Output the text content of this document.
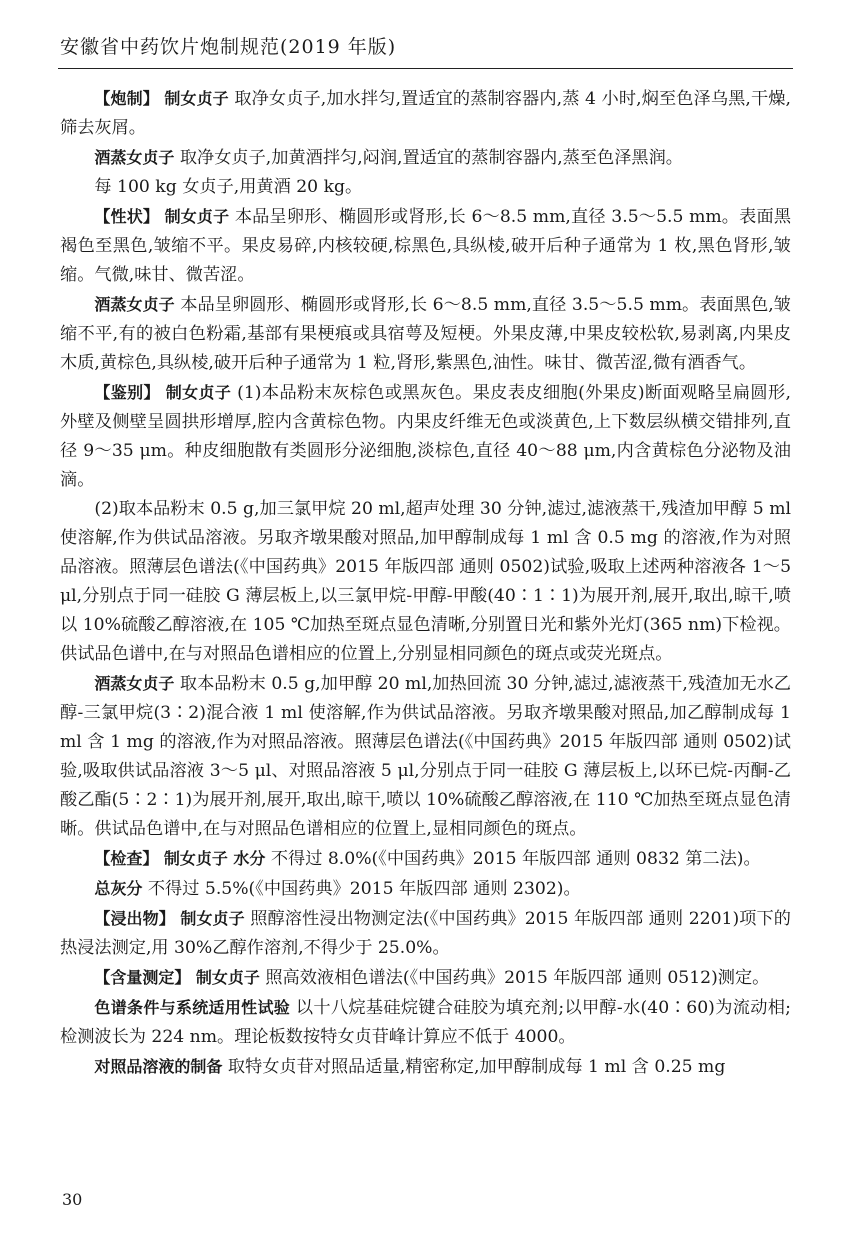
安徽省中药饮片炮制规范(2019 年版)

【炮制】 制女贞子 取净女贞子,加水拌匀,置适宜的蒸制容器内,蒸 4 小时,焖至色泽乌黑,干燥,筛去灰屑。

酒蒸女贞子 取净女贞子,加黄酒拌匀,闷润,置适宜的蒸制容器内,蒸至色泽黑润。

每 100 kg 女贞子,用黄酒 20 kg。

【性状】 制女贞子 本品呈卵形、椭圆形或肾形,长 6～8.5 mm,直径 3.5～5.5 mm。表面黑褐色至黑色,皱缩不平。果皮易碎,内核较硬,棕黑色,具纵棱,破开后种子通常为 1 枚,黑色肾形,皱缩。气微,味甘、微苦涩。

酒蒸女贞子 本品呈卵圆形、椭圆形或肾形,长 6～8.5 mm,直径 3.5～5.5 mm。表面黑色,皱缩不平,有的被白色粉霜,基部有果梗痕或具宿萼及短梗。外果皮薄,中果皮较松软,易剥离,内果皮木质,黄棕色,具纵棱,破开后种子通常为 1 粒,肾形,紫黑色,油性。味甘、微苦涩,微有酒香气。

【鉴别】 制女贞子 (1)本品粉末灰棕色或黑灰色。果皮表皮细胞(外果皮)断面观略呈扁圆形,外壁及侧壁呈圆拱形增厚,腔内含黄棕色物。内果皮纤维无色或淡黄色,上下数层纵横交错排列,直径 9～35 μm。种皮细胞散有类圆形分泌细胞,淡棕色,直径 40～88 μm,内含黄棕色分泌物及油滴。

(2)取本品粉末 0.5 g,加三氯甲烷 20 ml,超声处理 30 分钟,滤过,滤液蒸干,残渣加甲醇 5 ml 使溶解,作为供试品溶液。另取齐墩果酸对照品,加甲醇制成每 1 ml 含 0.5 mg 的溶液,作为对照品溶液。照薄层色谱法(《中国药典》2015 年版四部 通则 0502)试验,吸取上述两种溶液各 1～5 μl,分别点于同一硅胶 G 薄层板上,以三氯甲烷-甲醇-甲酸(40∶1∶1)为展开剂,展开,取出,晾干,喷以 10%硫酸乙醇溶液,在 105 ℃加热至斑点显色清晰,分别置日光和紫外光灯(365 nm)下检视。供试品色谱中,在与对照品色谱相应的位置上,分别显相同颜色的斑点或荧光斑点。

酒蒸女贞子 取本品粉末 0.5 g,加甲醇 20 ml,加热回流 30 分钟,滤过,滤液蒸干,残渣加无水乙醇-三氯甲烷(3∶2)混合液 1 ml 使溶解,作为供试品溶液。另取齐墩果酸对照品,加乙醇制成每 1 ml 含 1 mg 的溶液,作为对照品溶液。照薄层色谱法(《中国药典》2015 年版四部 通则 0502)试验,吸取供试品溶液 3～5 μl、对照品溶液 5 μl,分别点于同一硅胶 G 薄层板上,以环已烷-丙酮-乙酸乙酯(5∶2∶1)为展开剂,展开,取出,晾干,喷以 10%硫酸乙醇溶液,在 110 ℃加热至斑点显色清晰。供试品色谱中,在与对照品色谱相应的位置上,显相同颜色的斑点。

【检查】 制女贞子 水分 不得过 8.0%(《中国药典》2015 年版四部 通则 0832 第二法)。

总灰分 不得过 5.5%(《中国药典》2015 年版四部 通则 2302)。

【浸出物】 制女贞子 照醇溶性浸出物测定法(《中国药典》2015 年版四部 通则 2201)项下的热浸法测定,用 30%乙醇作溶剂,不得少于 25.0%。

【含量测定】 制女贞子 照高效液相色谱法(《中国药典》2015 年版四部 通则 0512)测定。

色谱条件与系统适用性试验 以十八烷基硅烷键合硅胶为填充剂;以甲醇-水(40∶60)为流动相;检测波长为 224 nm。理论板数按特女贞苷峰计算应不低于 4000。

对照品溶液的制备 取特女贞苷对照品适量,精密称定,加甲醇制成每 1 ml 含 0.25 mg

30
